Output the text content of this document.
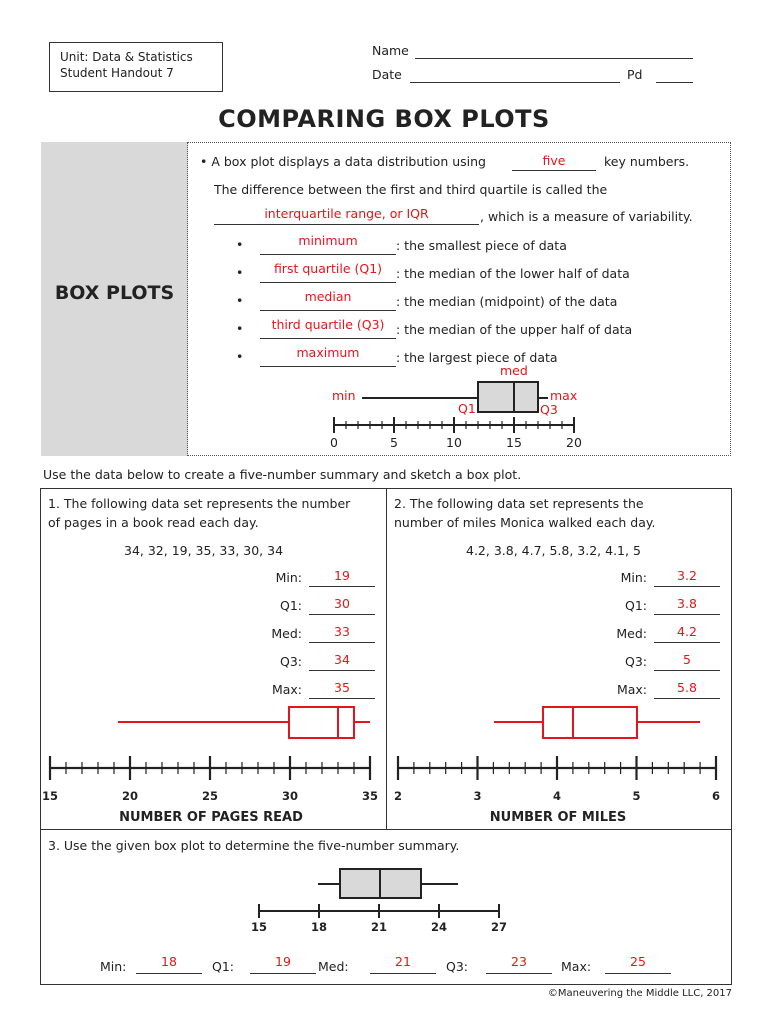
Unit: Data & Statistics
Student Handout 7
Name
Date	Pd
COMPARING BOX PLOTS
BOX PLOTS
• A box plot displays a data distribution using	five	key numbers.
The difference between the first and third quartile is called the
interquartile range, or IQR	, which is a measure of variability.
•	minimum	: the smallest piece of data
•	first quartile (Q1)	: the median of the lower half of data
•	median	: the median (midpoint) of the data
•	third quartile (Q3) : the median of the upper half of data
•	maximum	: the largest piece of data
min
med
max
Q1	Q3
0	5	10	15	20
Use the data below to create a five-number summary and sketch a box plot.
1. The following data set represents the number
of pages in a book read each day.
34, 32, 19, 35, 33, 30, 34
Min:	19
Q1:	30
Med:	33
Q3:	34
Max:	35
15	20	25	30	35
NUMBER OF PAGES READ
2. The following data set represents the
number of miles Monica walked each day.
4.2, 3.8, 4.7, 5.8, 3.2, 4.1, 5
Min:	3.2
Q1:	3.8
Med:	4.2
Q3:	5
Max:	5.8
2	3	4	5	6
NUMBER OF MILES
3. Use the given box plot to determine the five-number summary.
15	18	21	24	27
Min:	18	Q1:	19	Med:	21	Q3:	23	Max:	25
©Maneuvering the Middle LLC, 2017
